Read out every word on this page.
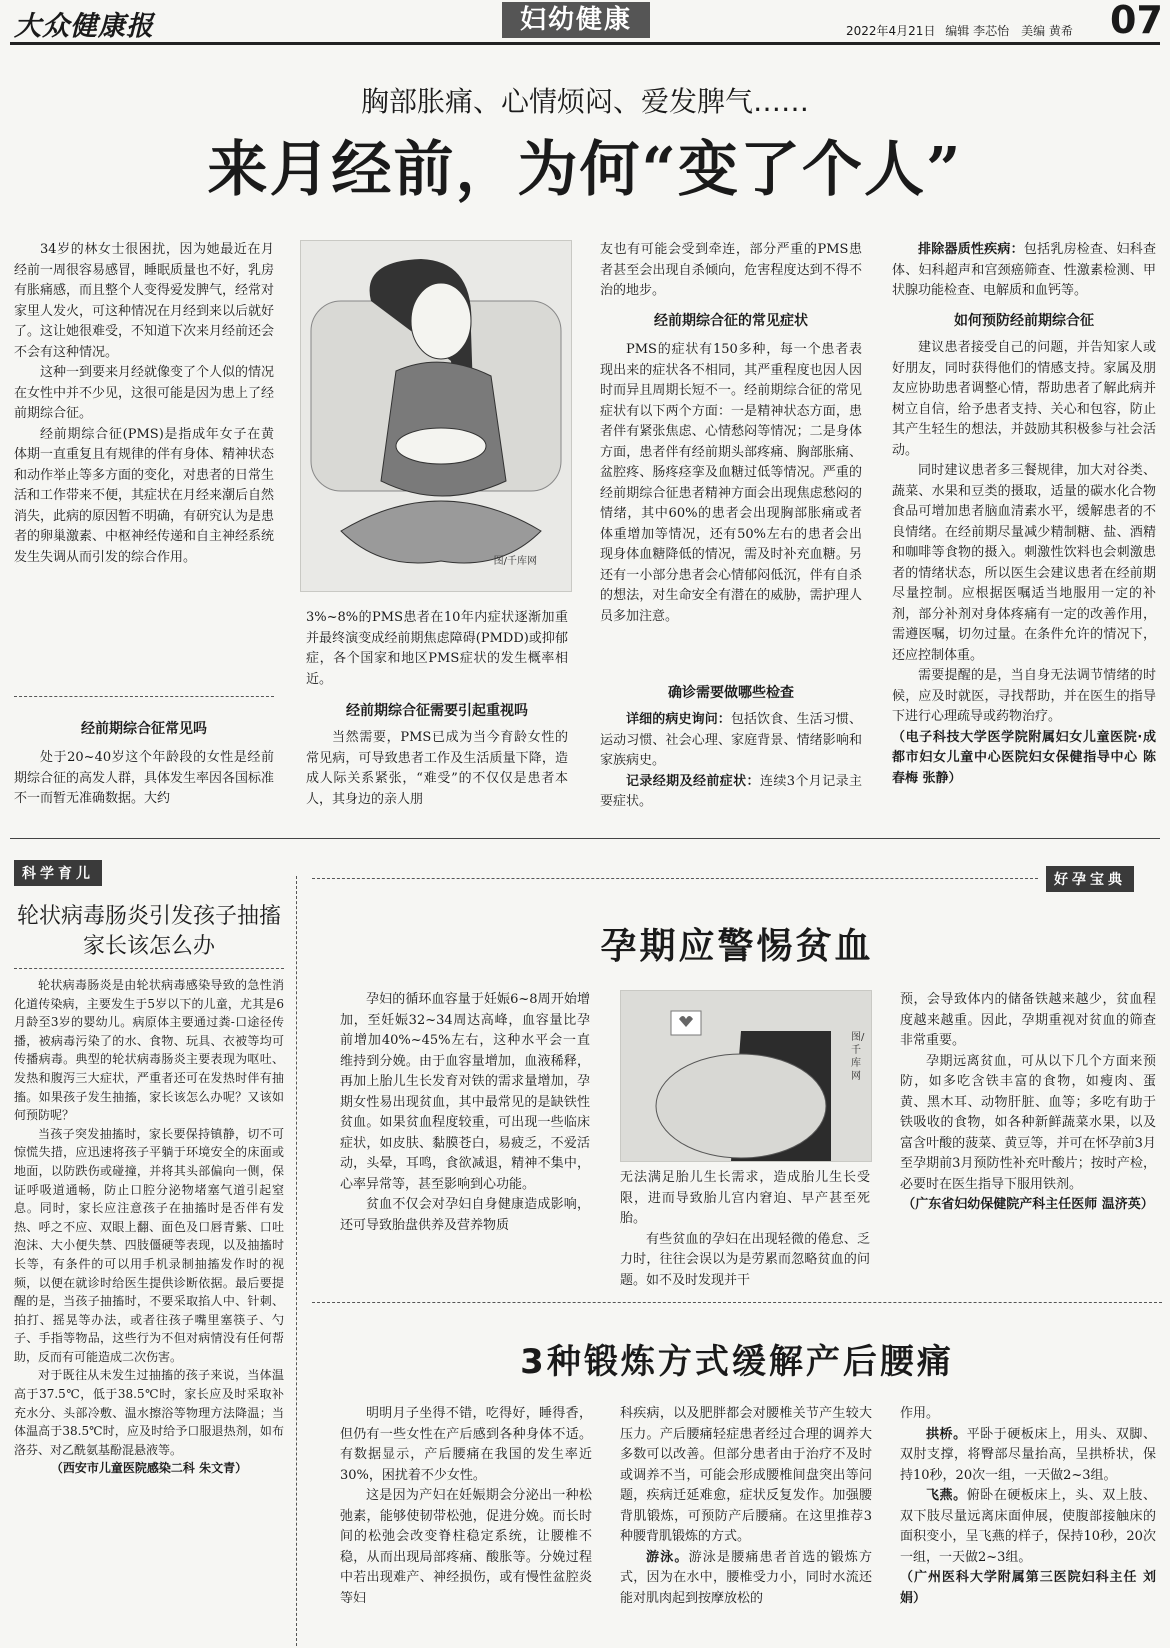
大众健康报	妇幼健康	2022年4月21日 编辑 李芯怡　美编 黄希 07
胸部胀痛、心情烦闷、爱发脾气……
来月经前，为何“变了个人”

34岁的林女士很困扰，因为她最近在月经前一周很容易感冒，睡眠质量也不好，乳房有胀痛感，而且整个人变得爱发脾气，经常对家里人发火，可这种情况在月经到来以后就好了。这让她很难受，不知道下次来月经前还会不会有这种情况。

这种一到要来月经就像变了个人似的情况在女性中并不少见，这很可能是因为患上了经前期综合征。

经前期综合征(PMS)是指成年女子在黄体期一直重复且有规律的伴有身体、精神状态和动作举止等多方面的变化，对患者的日常生活和工作带来不便，其症状在月经来潮后自然消失，此病的原因暂不明确，有研究认为是患者的卵巢激素、中枢神经传递和自主神经系统发生失调从而引发的综合作用。

经前期综合征常见吗

处于20~40岁这个年龄段的女性是经前期综合征的高发人群，具体发生率因各国标准不一而暂无准确数据。大约

图/千库网

3%~8%的PMS患者在10年内症状逐渐加重并最终演变成经前期焦虑障碍(PMDD)或抑郁症，各个国家和地区PMS症状的发生概率相近。

经前期综合征需要引起重视吗

当然需要，PMS已成为当今育龄女性的常见病，可导致患者工作及生活质量下降，造成人际关系紧张，“难受”的不仅仅是患者本人，其身边的亲人朋

友也有可能会受到牵连，部分严重的PMS患者甚至会出现自杀倾向，危害程度达到不得不治的地步。

经前期综合征的常见症状

PMS的症状有150多种，每一个患者表现出来的症状各不相同，其严重程度也因人因时而异且周期长短不一。经前期综合征的常见症状有以下两个方面：一是精神状态方面，患者伴有紧张焦虑、心情愁闷等情况；二是身体方面，患者伴有经前期头部疼痛、胸部胀痛、盆腔疼、肠疼痉挛及血糖过低等情况。严重的经前期综合征患者精神方面会出现焦虑愁闷的情绪，其中60%的患者会出现胸部胀痛或者体重增加等情况，还有50%左右的患者会出现身体血糖降低的情况，需及时补充血糖。另还有一小部分患者会心情郁闷低沉，伴有自杀的想法，对生命安全有潜在的威胁，需护理人员多加注意。

确诊需要做哪些检查

详细的病史询问：包括饮食、生活习惯、运动习惯、社会心理、家庭背景、情绪影响和家族病史。

记录经期及经前症状：连续3个月记录主要症状。

排除器质性疾病：包括乳房检查、妇科查体、妇科超声和宫颈癌筛查、性激素检测、甲状腺功能检查、电解质和血钙等。

如何预防经前期综合征

建议患者接受自己的问题，并告知家人或好朋友，同时获得他们的情感支持。家属及朋友应协助患者调整心情，帮助患者了解此病并树立自信，给予患者支持、关心和包容，防止其产生轻生的想法，并鼓励其积极参与社会活动。

同时建议患者多三餐规律，加大对谷类、蔬菜、水果和豆类的摄取，适量的碳水化合物食品可增加患者脑血清素水平，缓解患者的不良情绪。在经前期尽量减少精制糖、盐、酒精和咖啡等食物的摄入。刺激性饮料也会刺激患者的情绪状态，所以医生会建议患者在经前期尽量控制。应根据医嘱适当地服用一定的补剂，部分补剂对身体疼痛有一定的改善作用，需遵医嘱，切勿过量。在条件允许的情况下，还应控制体重。

需要提醒的是，当自身无法调节情绪的时候，应及时就医，寻找帮助，并在医生的指导下进行心理疏导或药物治疗。

（电子科技大学医学院附属妇女儿童医院·成都市妇女儿童中心医院妇女保健指导中心 陈春梅 张静）

科学育儿
轮状病毒肠炎引发孩子抽搐
家长该怎么办

轮状病毒肠炎是由轮状病毒感染导致的急性消化道传染病，主要发生于5岁以下的儿童，尤其是6月龄至3岁的婴幼儿。病原体主要通过粪-口途径传播，被病毒污染了的水、食物、玩具、衣被等均可传播病毒。典型的轮状病毒肠炎主要表现为呕吐、发热和腹泻三大症状，严重者还可在发热时伴有抽搐。如果孩子发生抽搐，家长该怎么办呢？又该如何预防呢？

当孩子突发抽搐时，家长要保持镇静，切不可惊慌失措，应迅速将孩子平躺于环境安全的床面或地面，以防跌伤或碰撞，并将其头部偏向一侧，保证呼吸道通畅，防止口腔分泌物堵塞气道引起窒息。同时，家长应注意孩子在抽搐时是否伴有发热、呼之不应、双眼上翻、面色及口唇青紫、口吐泡沫、大小便失禁、四肢僵硬等表现，以及抽搐时长等，有条件的可以用手机录制抽搐发作时的视频，以便在就诊时给医生提供诊断依据。最后要提醒的是，当孩子抽搐时，不要采取掐人中、针刺、拍打、摇晃等办法，或者往孩子嘴里塞筷子、勺子、手指等物品，这些行为不但对病情没有任何帮助，反而有可能造成二次伤害。

对于既往从未发生过抽搐的孩子来说，当体温高于37.5℃，低于38.5℃时，家长应及时采取补充水分、头部冷敷、温水擦浴等物理方法降温；当体温高于38.5℃时，应及时给予口服退热剂，如布洛芬、对乙酰氨基酚混悬液等。

（西安市儿童医院感染二科 朱文青）

好孕宝典
孕期应警惕贫血

孕妇的循环血容量于妊娠6~8周开始增加，至妊娠32~34周达高峰，血容量比孕前增加40%~45%左右，这种水平会一直维持到分娩。由于血容量增加，血液稀释，再加上胎儿生长发育对铁的需求量增加，孕期女性易出现贫血，其中最常见的是缺铁性贫血。如果贫血程度较重，可出现一些临床症状，如皮肤、黏膜苍白，易疲乏，不爱活动，头晕，耳鸣，食欲减退，精神不集中，心率异常等，甚至影响到心功能。

贫血不仅会对孕妇自身健康造成影响，还可导致胎盘供养及营养物质

图/千库网

无法满足胎儿生长需求，造成胎儿生长受限，进而导致胎儿宫内窘迫、早产甚至死胎。

有些贫血的孕妇在出现轻微的倦怠、乏力时，往往会误以为是劳累而忽略贫血的问题。如不及时发现并干

预，会导致体内的储备铁越来越少，贫血程度越来越重。因此，孕期重视对贫血的筛查非常重要。

孕期远离贫血，可从以下几个方面来预防，如多吃含铁丰富的食物，如瘦肉、蛋黄、黑木耳、动物肝脏、血等；多吃有助于铁吸收的食物，如各种新鲜蔬菜水果，以及富含叶酸的菠菜、黄豆等，并可在怀孕前3月至孕期前3月预防性补充叶酸片；按时产检，必要时在医生指导下服用铁剂。

（广东省妇幼保健院产科主任医师 温济英）

3种锻炼方式缓解产后腰痛

明明月子坐得不错，吃得好，睡得香，但仍有一些女性在产后感到各种身体不适。有数据显示，产后腰痛在我国的发生率近30%，困扰着不少女性。

这是因为产妇在妊娠期会分泌出一种松弛素，能够使韧带松弛，促进分娩。而长时间的松弛会改变脊柱稳定系统，让腰椎不稳，从而出现局部疼痛、酸胀等。分娩过程中若出现难产、神经损伤，或有慢性盆腔炎等妇

科疾病，以及肥胖都会对腰椎关节产生较大压力。产后腰痛轻症患者经过合理的调养大多数可以改善。但部分患者由于治疗不及时或调养不当，可能会形成腰椎间盘突出等问题，疾病迁延难愈，症状反复发作。加强腰背肌锻炼，可预防产后腰痛。在这里推荐3种腰背肌锻炼的方式。

游泳。游泳是腰痛患者首选的锻炼方式，因为在水中，腰椎受力小，同时水流还能对肌肉起到按摩放松的

作用。

拱桥。平卧于硬板床上，用头、双脚、双肘支撑，将臀部尽量抬高，呈拱桥状，保持10秒，20次一组，一天做2~3组。

飞燕。俯卧在硬板床上，头、双上肢、双下肢尽量远离床面伸展，使腹部接触床的面积变小，呈飞燕的样子，保持10秒，20次一组，一天做2~3组。

（广州医科大学附属第三医院妇科主任 刘娟）
